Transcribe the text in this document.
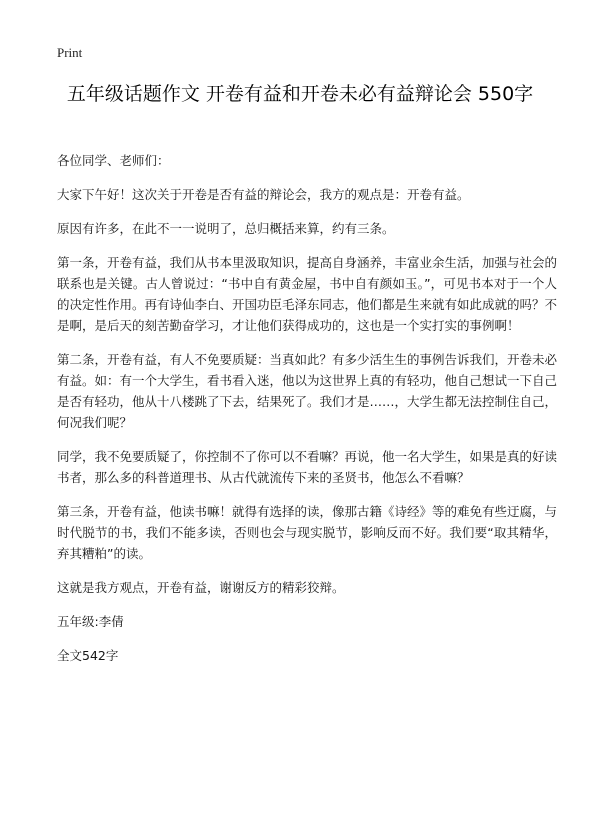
Print
五年级话题作文 开卷有益和开卷未必有益辩论会 550字

各位同学、老师们：

大家下午好！这次关于开卷是否有益的辩论会，我方的观点是：开卷有益。

原因有许多，在此不一一说明了，总归概括来算，约有三条。

第一条，开卷有益，我们从书本里汲取知识，提高自身涵养，丰富业余生活，加强与社会的联系也是关键。古人曾说过：“书中自有黄金屋，书中自有颜如玉。”，可见书本对于一个人的决定性作用。再有诗仙李白、开国功臣毛泽东同志，他们都是生来就有如此成就的吗？不是啊，是后天的刻苦勤奋学习，才让他们获得成功的，这也是一个实打实的事例啊！

第二条，开卷有益，有人不免要质疑：当真如此？有多少活生生的事例告诉我们，开卷未必有益。如：有一个大学生，看书看入迷，他以为这世界上真的有轻功，他自己想试一下自己是否有轻功，他从十八楼跳了下去，结果死了。我们才是……，大学生都无法控制住自己，何况我们呢？

同学，我不免要质疑了，你控制不了你可以不看嘛？再说，他一名大学生，如果是真的好读书者，那么多的科普道理书、从古代就流传下来的圣贤书，他怎么不看嘛？

第三条，开卷有益，他读书嘛！就得有选择的读，像那古籍《诗经》等的难免有些迂腐，与时代脱节的书，我们不能多读，否则也会与现实脱节，影响反而不好。我们要“取其精华，弃其糟粕”的读。

这就是我方观点，开卷有益，谢谢反方的精彩狡辩。

五年级:李倩

全文542字
